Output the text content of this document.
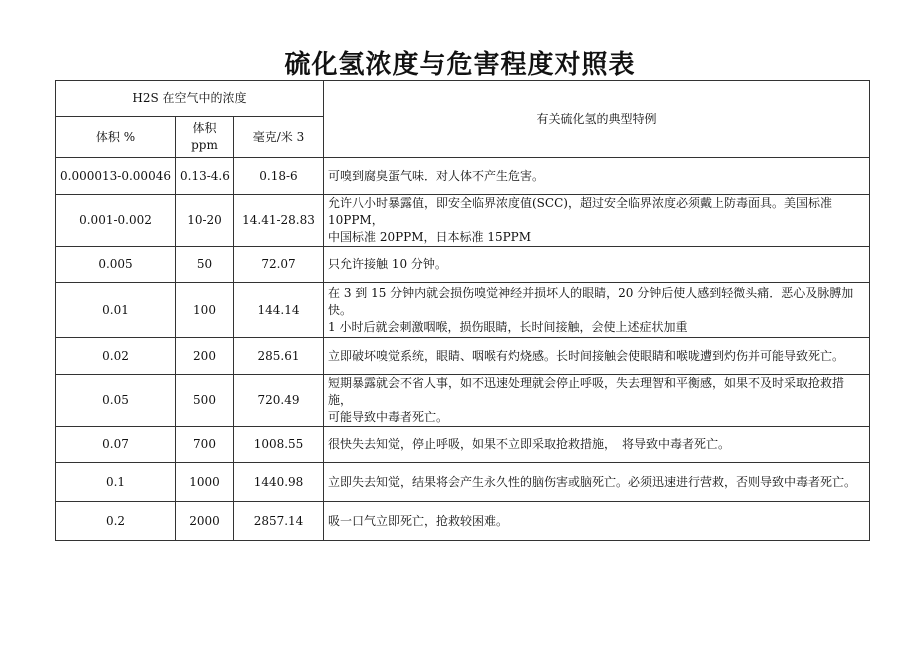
硫化氢浓度与危害程度对照表
H2S 在空气中的浓度			有关硫化氢的典型特例
体积 %	体积 ppm	毫克/米 3	
0.000013-0.00046	0.13-4.6	0.18-6	可嗅到腐臭蛋气味．对人体不产生危害。

0.001-0.002	10-20	14.41-28.83	允许八小时暴露值，即安全临界浓度值(SCC)，超过安全临界浓度必须戴上防毒面具。美国标准 10PPM，
中国标准 20PPM，日本标准 15PPM

0.005	50	72.07	只允许接触 10 分钟。

0.01	100	144.14	在 3 到 15 分钟内就会损伤嗅觉神经并损坏人的眼睛，20 分钟后使人感到轻微头痛．恶心及脉膊加快。
1 小时后就会刺激咽喉，损伤眼睛，长时间接触，会使上述症状加重

0.02	200	285.61	立即破坏嗅觉系统，眼睛、咽喉有灼烧感。长时间接触会使眼睛和喉咙遭到灼伤并可能导致死亡。

0.05	500	720.49	短期暴露就会不省人事，如不迅速处理就会停止呼吸，失去理智和平衡感，如果不及时采取抢救措施，
可能导致中毒者死亡。

0.07	700	1008.55	很快失去知觉，停止呼吸，如果不立即采取抢救措施，　将导致中毒者死亡。

0.1	1000	1440.98	立即失去知觉，结果将会产生永久性的脑伤害或脑死亡。必须迅速进行营救，否则导致中毒者死亡。

0.2	2000	2857.14	吸一口气立即死亡，抢救较困难。
